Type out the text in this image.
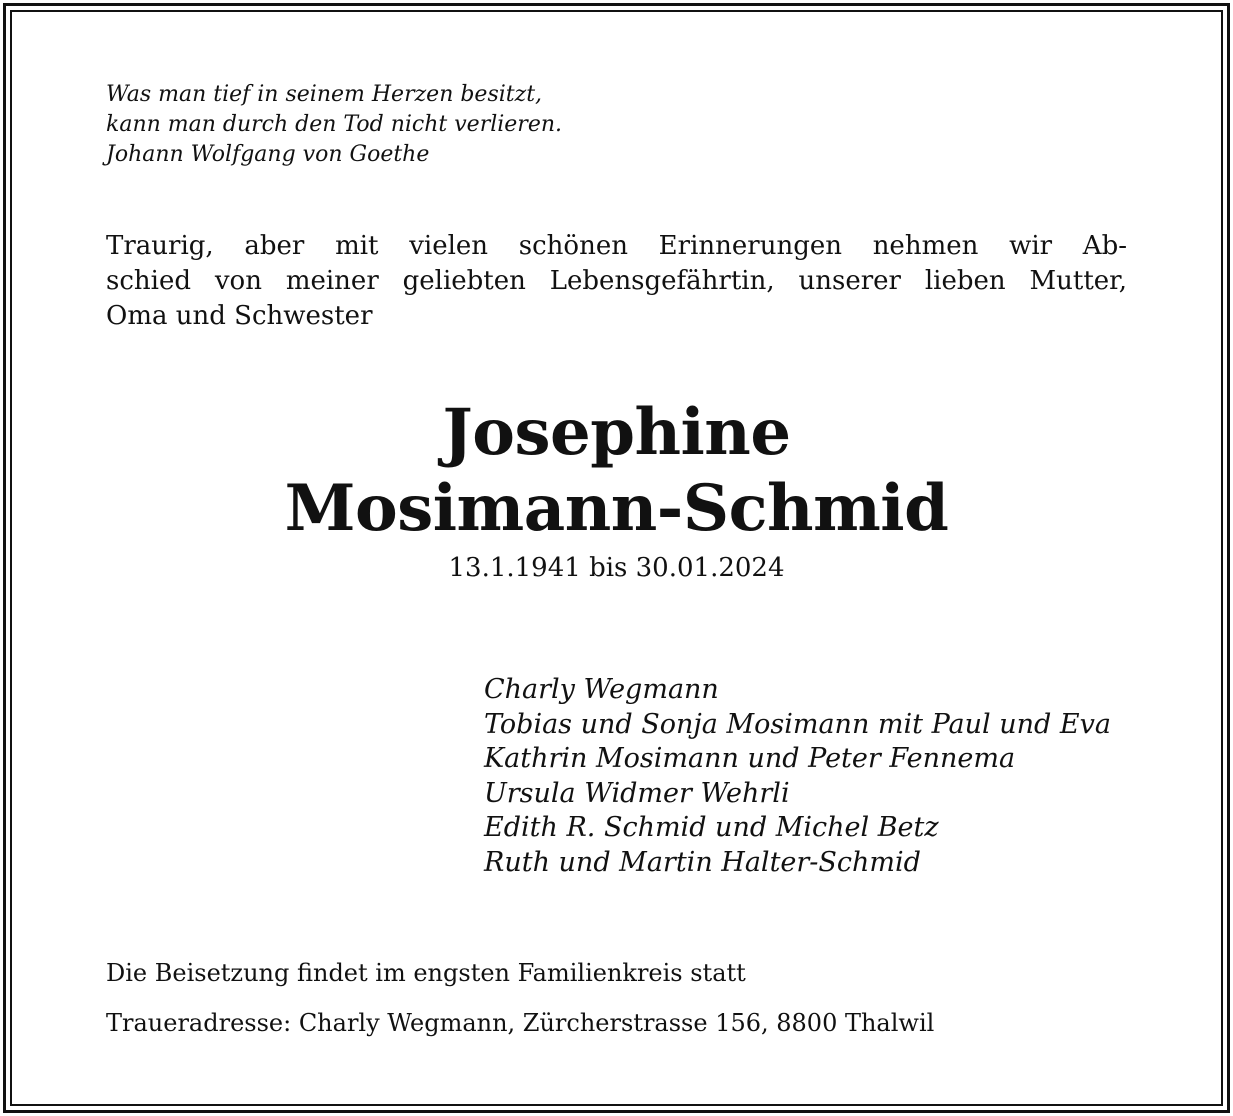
Was man tief in seinem Herzen besitzt,
kann man durch den Tod nicht verlieren.
Johann Wolfgang von Goethe
Traurig, aber mit vielen schönen Erinnerungen nehmen wir Ab-
schied von meiner geliebten Lebensgefährtin, unserer lieben Mutter,
Oma und Schwester
Josephine
Mosimann-Schmid
13.1.1941 bis 30.01.2024
Charly Wegmann
Tobias und Sonja Mosimann mit Paul und Eva
Kathrin Mosimann und Peter Fennema
Ursula Widmer Wehrli
Edith R. Schmid und Michel Betz
Ruth und Martin Halter-Schmid
Die Beisetzung findet im engsten Familienkreis statt
Traueradresse: Charly Wegmann, Zürcherstrasse 156, 8800 Thalwil
